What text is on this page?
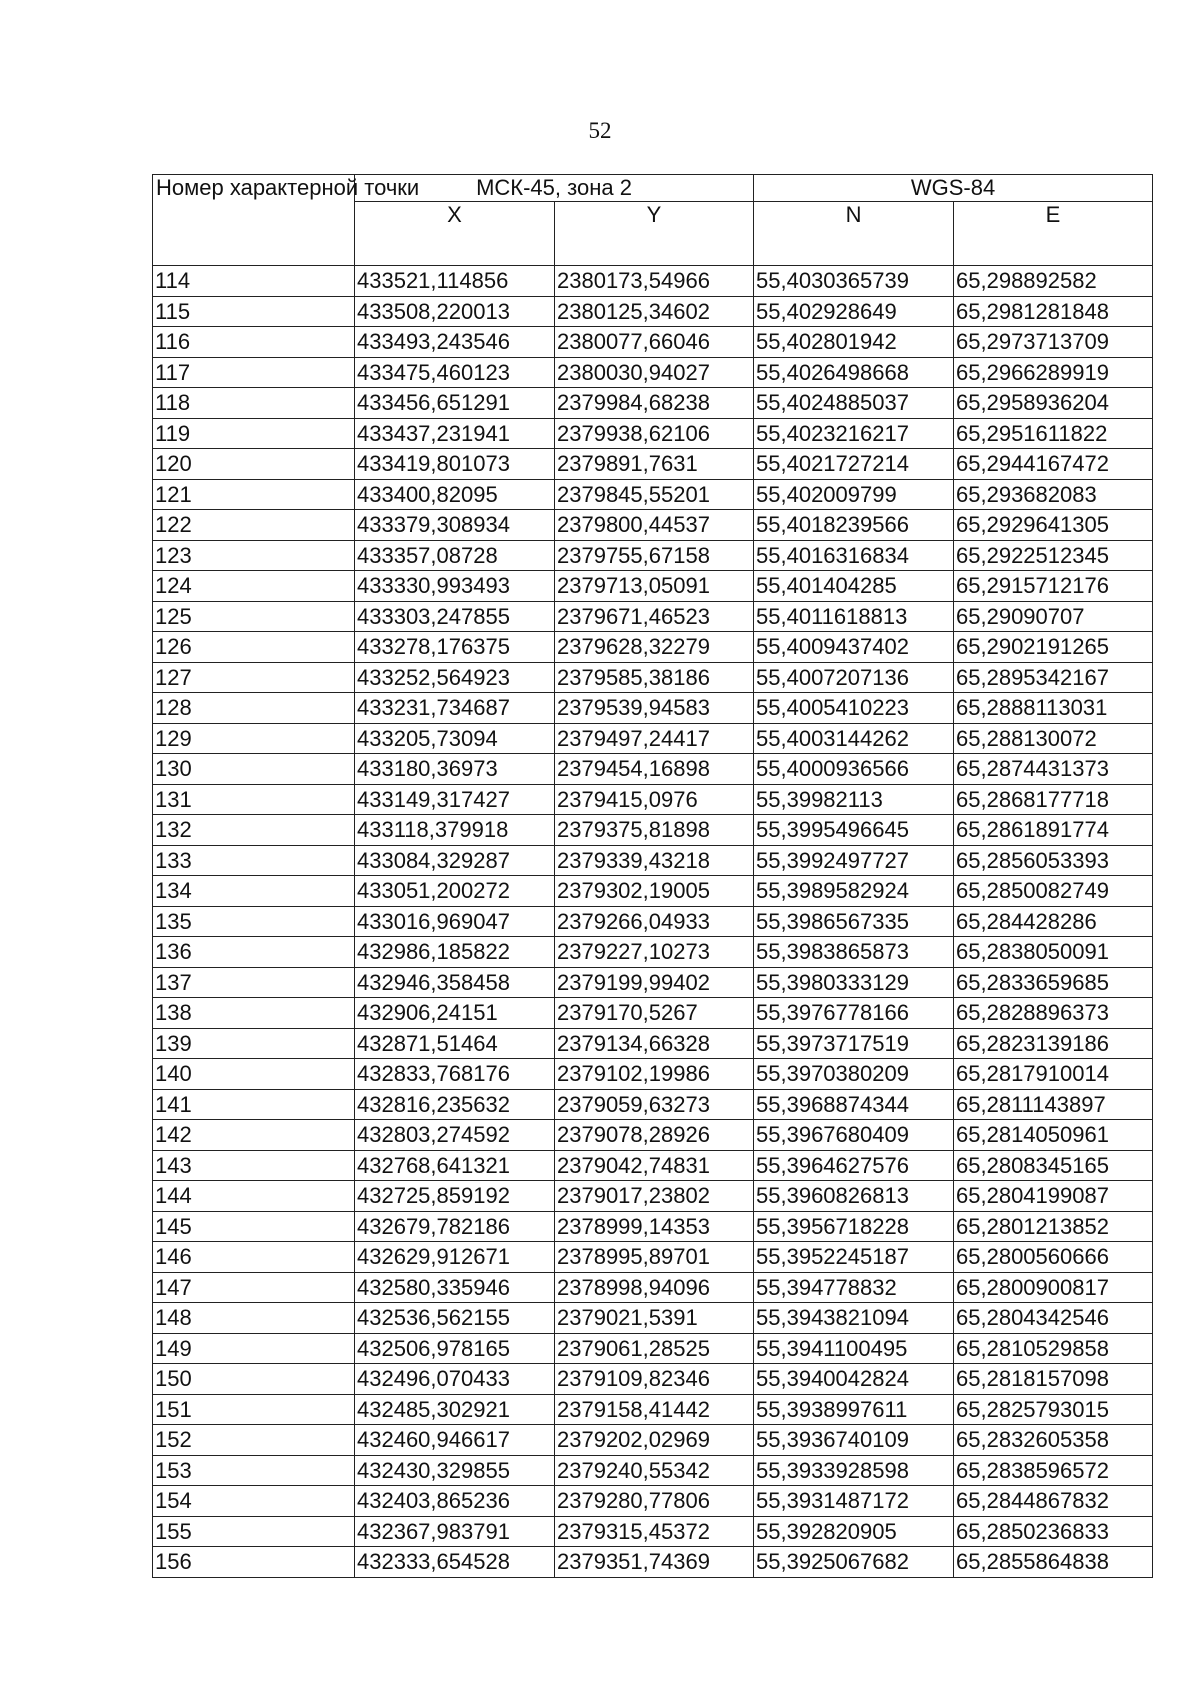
52
Номер характерной точки	МСК-45, зона 2		WGS-84	
	X	Y	N	E
114	433521,114856	2380173,54966	55,4030365739	65,298892582
115	433508,220013	2380125,34602	55,402928649	65,2981281848
116	433493,243546	2380077,66046	55,402801942	65,2973713709
117	433475,460123	2380030,94027	55,4026498668	65,2966289919
118	433456,651291	2379984,68238	55,4024885037	65,2958936204
119	433437,231941	2379938,62106	55,4023216217	65,2951611822
120	433419,801073	2379891,7631	55,4021727214	65,2944167472
121	433400,82095	2379845,55201	55,402009799	65,293682083
122	433379,308934	2379800,44537	55,4018239566	65,2929641305
123	433357,08728	2379755,67158	55,4016316834	65,2922512345
124	433330,993493	2379713,05091	55,401404285	65,2915712176
125	433303,247855	2379671,46523	55,4011618813	65,29090707
126	433278,176375	2379628,32279	55,4009437402	65,2902191265
127	433252,564923	2379585,38186	55,4007207136	65,2895342167
128	433231,734687	2379539,94583	55,4005410223	65,2888113031
129	433205,73094	2379497,24417	55,4003144262	65,288130072
130	433180,36973	2379454,16898	55,4000936566	65,2874431373
131	433149,317427	2379415,0976	55,39982113	65,2868177718
132	433118,379918	2379375,81898	55,3995496645	65,2861891774
133	433084,329287	2379339,43218	55,3992497727	65,2856053393
134	433051,200272	2379302,19005	55,3989582924	65,2850082749
135	433016,969047	2379266,04933	55,3986567335	65,284428286
136	432986,185822	2379227,10273	55,3983865873	65,2838050091
137	432946,358458	2379199,99402	55,3980333129	65,2833659685
138	432906,24151	2379170,5267	55,3976778166	65,2828896373
139	432871,51464	2379134,66328	55,3973717519	65,2823139186
140	432833,768176	2379102,19986	55,3970380209	65,2817910014
141	432816,235632	2379059,63273	55,3968874344	65,2811143897
142	432803,274592	2379078,28926	55,3967680409	65,2814050961
143	432768,641321	2379042,74831	55,3964627576	65,2808345165
144	432725,859192	2379017,23802	55,3960826813	65,2804199087
145	432679,782186	2378999,14353	55,3956718228	65,2801213852
146	432629,912671	2378995,89701	55,3952245187	65,2800560666
147	432580,335946	2378998,94096	55,394778832	65,2800900817
148	432536,562155	2379021,5391	55,3943821094	65,2804342546
149	432506,978165	2379061,28525	55,3941100495	65,2810529858
150	432496,070433	2379109,82346	55,3940042824	65,2818157098
151	432485,302921	2379158,41442	55,3938997611	65,2825793015
152	432460,946617	2379202,02969	55,3936740109	65,2832605358
153	432430,329855	2379240,55342	55,3933928598	65,2838596572
154	432403,865236	2379280,77806	55,3931487172	65,2844867832
155	432367,983791	2379315,45372	55,392820905	65,2850236833
156	432333,654528	2379351,74369	55,3925067682	65,2855864838
